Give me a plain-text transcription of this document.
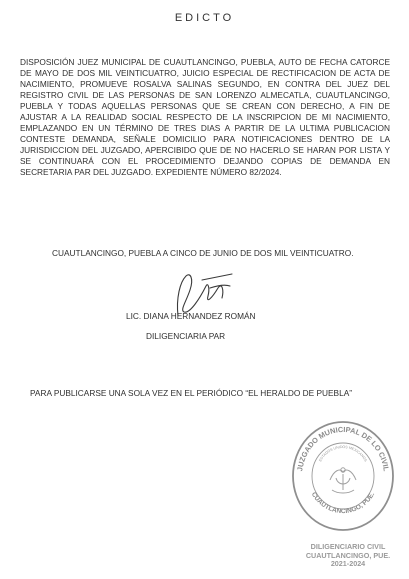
EDICTO

DISPOSICIÓN JUEZ MUNICIPAL DE CUAUTLANCINGO, PUEBLA, AUTO DE FECHA CATORCE DE MAYO DE DOS MIL VEINTICUATRO, JUICIO ESPECIAL DE RECTIFICACION DE ACTA DE NACIMIENTO, PROMUEVE ROSALVA SALINAS SEGUNDO, EN CONTRA DEL JUEZ DEL REGISTRO CIVIL DE LAS PERSONAS DE SAN LORENZO ALMECATLA, CUAUTLANCINGO, PUEBLA Y TODAS AQUELLAS PERSONAS QUE SE CREAN CON DERECHO, A FIN DE AJUSTAR A LA REALIDAD SOCIAL RESPECTO DE LA INSCRIPCION DE MI NACIMIENTO, EMPLAZANDO EN UN TÉRMINO DE TRES DIAS A PARTIR DE LA ULTIMA PUBLICACION CONTESTE DEMANDA, SEÑALE DOMICILIO PARA NOTIFICACIONES DENTRO DE LA JURISDICCION DEL JUZGADO, APERCIBIDO QUE DE NO HACERLO SE HARAN POR LISTA Y SE CONTINUARÁ CON EL PROCEDIMIENTO DEJANDO COPIAS DE DEMANDA EN SECRETARIA PAR DEL JUZGADO. EXPEDIENTE NÚMERO 82/2024.

CUAUTLANCINGO, PUEBLA A CINCO DE JUNIO DE DOS MIL VEINTICUATRO.

LIC. DIANA HERNANDEZ ROMÁN

DILIGENCIARIA PAR

PARA PUBLICARSE UNA SOLA VEZ EN EL PERIÓDICO “EL HERALDO DE PUEBLA”

JUZGADO MUNICIPAL DE LO CIVIL
CUAUTLANCINGO, PUE.
ESTADOS UNIDOS MEXICANOS

DILIGENCIARIO CIVIL
CUAUTLANCINGO, PUE.
2021-2024
